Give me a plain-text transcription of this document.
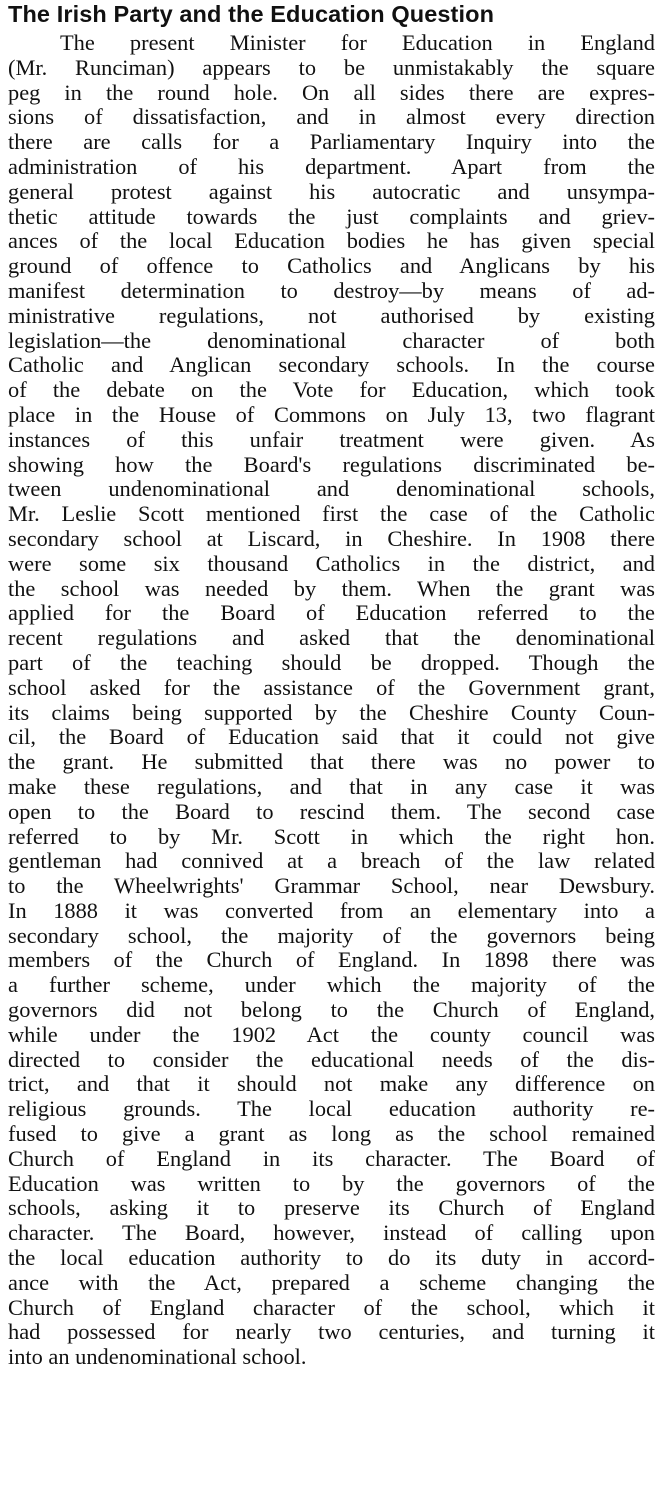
The Irish Party and the Education Question
The present Minister for Education in England
(Mr. Runciman) appears to be unmistakably the square
peg in the round hole. On all sides there are expres-
sions of dissatisfaction, and in almost every direction
there are calls for a Parliamentary Inquiry into the
administration of his department. Apart from the
general protest against his autocratic and unsympa-
thetic attitude towards the just complaints and griev-
ances of the local Education bodies he has given special
ground of offence to Catholics and Anglicans by his
manifest determination to destroy—by means of ad-
ministrative regulations, not authorised by existing
legislation—the denominational character of both
Catholic and Anglican secondary schools. In the course
of the debate on the Vote for Education, which took
place in the House of Commons on July 13, two flagrant
instances of this unfair treatment were given. As
showing how the Board's regulations discriminated be-
tween undenominational and denominational schools,
Mr. Leslie Scott mentioned first the case of the Catholic
secondary school at Liscard, in Cheshire. In 1908 there
were some six thousand Catholics in the district, and
the school was needed by them. When the grant was
applied for the Board of Education referred to the
recent regulations and asked that the denominational
part of the teaching should be dropped. Though the
school asked for the assistance of the Government grant,
its claims being supported by the Cheshire County Coun-
cil, the Board of Education said that it could not give
the grant. He submitted that there was no power to
make these regulations, and that in any case it was
open to the Board to rescind them. The second case
referred to by Mr. Scott in which the right hon.
gentleman had connived at a breach of the law related
to the Wheelwrights' Grammar School, near Dewsbury.
In 1888 it was converted from an elementary into a
secondary school, the majority of the governors being
members of the Church of England. In 1898 there was
a further scheme, under which the majority of the
governors did not belong to the Church of England,
while under the 1902 Act the county council was
directed to consider the educational needs of the dis-
trict, and that it should not make any difference on
religious grounds. The local education authority re-
fused to give a grant as long as the school remained
Church of England in its character. The Board of
Education was written to by the governors of the
schools, asking it to preserve its Church of England
character. The Board, however, instead of calling upon
the local education authority to do its duty in accord-
ance with the Act, prepared a scheme changing the
Church of England character of the school, which it
had possessed for nearly two centuries, and turning it
into an undenominational school.
